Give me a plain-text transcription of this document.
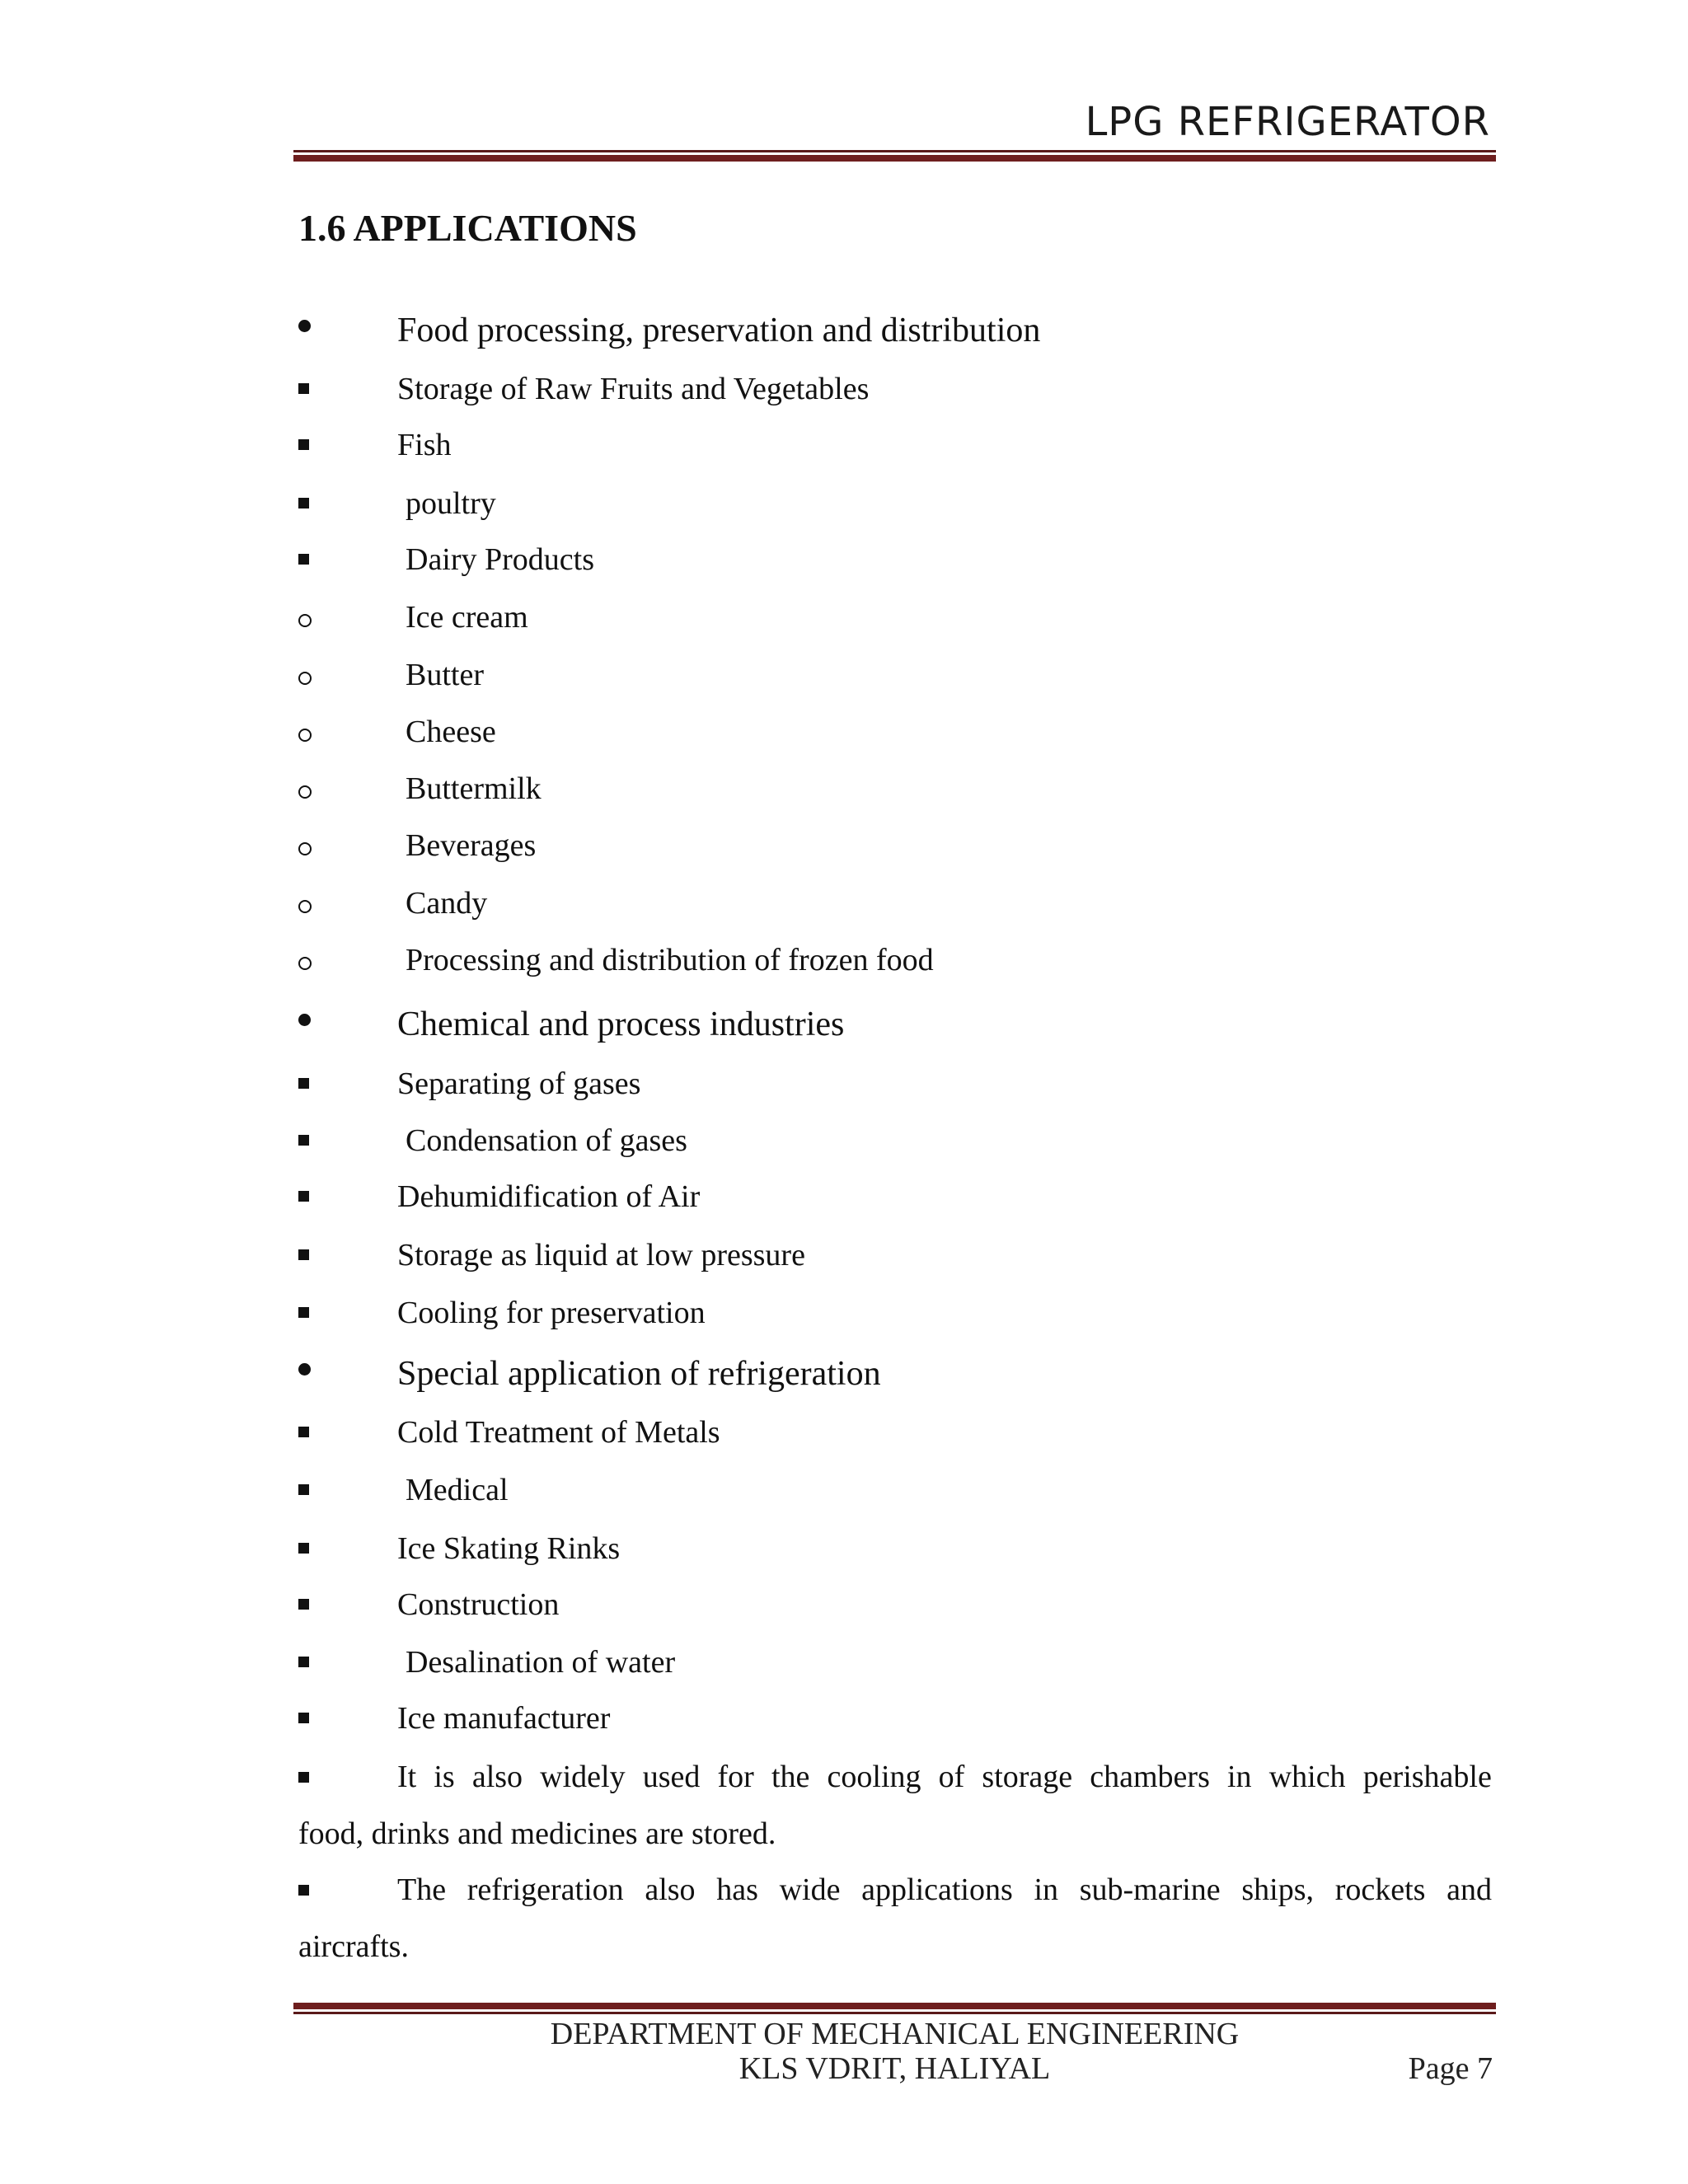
LPG REFRIGERATOR
1.6 APPLICATIONS
Food processing, preservation and distribution
Storage of Raw Fruits and Vegetables
Fish
poultry
Dairy Products
Ice cream
Butter
Cheese
Buttermilk
Beverages
Candy
Processing and distribution of frozen food
Chemical and process industries
Separating of gases
Condensation of gases
Dehumidification of Air
Storage as liquid at low pressure
Cooling for preservation
Special application of refrigeration
Cold Treatment of Metals
Medical
Ice Skating Rinks
Construction
Desalination of water
Ice manufacturer
It is also widely used for the cooling of storage chambers in which perishable
food, drinks and medicines are stored.
The refrigeration also has wide applications in sub-marine ships, rockets and
aircrafts.
DEPARTMENT OF MECHANICAL ENGINEERING
KLS VDRIT, HALIYAL	Page 7
